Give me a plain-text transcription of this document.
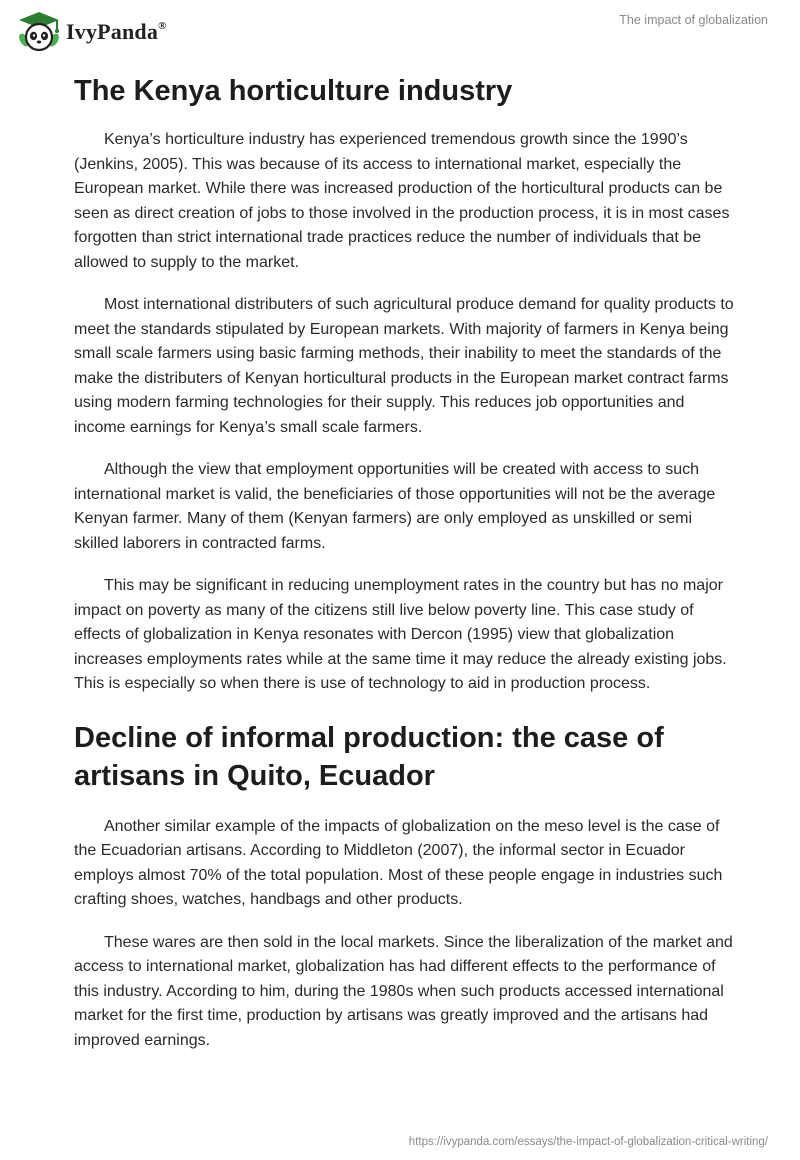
IvyPanda®	The impact of globalization
The Kenya horticulture industry

Kenya’s horticulture industry has experienced tremendous growth since the 1990’s (Jenkins, 2005). This was because of its access to international market, especially the European market. While there was increased production of the horticultural products can be seen as direct creation of jobs to those involved in the production process, it is in most cases forgotten than strict international trade practices reduce the number of individuals that be allowed to supply to the market.

Most international distributers of such agricultural produce demand for quality products to meet the standards stipulated by European markets. With majority of farmers in Kenya being small scale farmers using basic farming methods, their inability to meet the standards of the make the distributers of Kenyan horticultural products in the European market contract farms using modern farming technologies for their supply. This reduces job opportunities and income earnings for Kenya’s small scale farmers.

Although the view that employment opportunities will be created with access to such international market is valid, the beneficiaries of those opportunities will not be the average Kenyan farmer. Many of them (Kenyan farmers) are only employed as unskilled or semi skilled laborers in contracted farms.

This may be significant in reducing unemployment rates in the country but has no major impact on poverty as many of the citizens still live below poverty line. This case study of effects of globalization in Kenya resonates with Dercon (1995) view that globalization increases employments rates while at the same time it may reduce the already existing jobs. This is especially so when there is use of technology to aid in production process.

Decline of informal production: the case of artisans in Quito, Ecuador

Another similar example of the impacts of globalization on the meso level is the case of the Ecuadorian artisans. According to Middleton (2007), the informal sector in Ecuador employs almost 70% of the total population. Most of these people engage in industries such crafting shoes, watches, handbags and other products.

These wares are then sold in the local markets. Since the liberalization of the market and access to international market, globalization has had different effects to the performance of this industry. According to him, during the 1980s when such products accessed international market for the first time, production by artisans was greatly improved and the artisans had improved earnings.

https://ivypanda.com/essays/the-impact-of-globalization-critical-writing/
